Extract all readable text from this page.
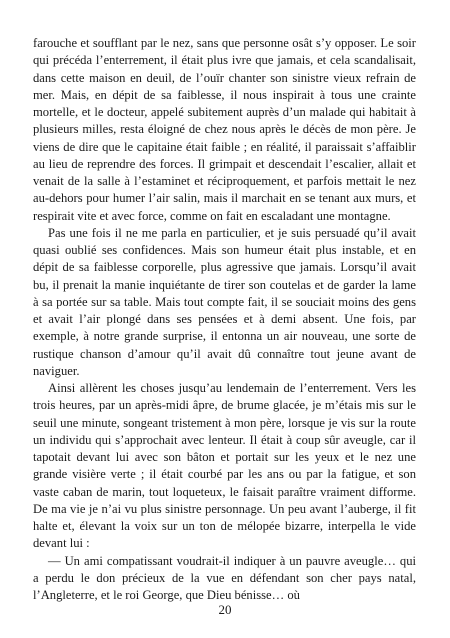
farouche et soufflant par le nez, sans que personne osât s’y opposer. Le soir qui précéda l’enterrement, il était plus ivre que jamais, et cela scandalisait, dans cette maison en deuil, de l’ouïr chanter son sinistre vieux refrain de mer. Mais, en dépit de sa faiblesse, il nous inspirait à tous une crainte mortelle, et le docteur, appelé subitement auprès d’un malade qui habitait à plusieurs milles, resta éloigné de chez nous après le décès de mon père. Je viens de dire que le capitaine était faible ; en réalité, il paraissait s’affaiblir au lieu de reprendre des forces. Il grimpait et descendait l’escalier, allait et venait de la salle à l’estaminet et réciproquement, et parfois mettait le nez au-dehors pour humer l’air salin, mais il marchait en se tenant aux murs, et respirait vite et avec force, comme on fait en escaladant une montagne.

Pas une fois il ne me parla en particulier, et je suis persuadé qu’il avait quasi oublié ses confidences. Mais son humeur était plus instable, et en dépit de sa faiblesse corporelle, plus agressive que jamais. Lorsqu’il avait bu, il prenait la manie inquiétante de tirer son coutelas et de garder la lame à sa portée sur sa table. Mais tout compte fait, il se souciait moins des gens et avait l’air plongé dans ses pensées et à demi absent. Une fois, par exemple, à notre grande surprise, il entonna un air nouveau, une sorte de rustique chanson d’amour qu’il avait dû connaître tout jeune avant de naviguer.

Ainsi allèrent les choses jusqu’au lendemain de l’enterrement. Vers les trois heures, par un après-midi âpre, de brume glacée, je m’étais mis sur le seuil une minute, songeant tristement à mon père, lorsque je vis sur la route un individu qui s’approchait avec lenteur. Il était à coup sûr aveugle, car il tapotait devant lui avec son bâton et portait sur les yeux et le nez une grande visière verte ; il était courbé par les ans ou par la fatigue, et son vaste caban de marin, tout loqueteux, le faisait paraître vraiment difforme. De ma vie je n’ai vu plus sinistre personnage. Un peu avant l’auberge, il fit halte et, élevant la voix sur un ton de mélopée bizarre, interpella le vide devant lui :

— Un ami compatissant voudrait-il indiquer à un pauvre aveugle… qui a perdu le don précieux de la vue en défendant son cher pays natal, l’Angleterre, et le roi George, que Dieu bénisse… où

20
